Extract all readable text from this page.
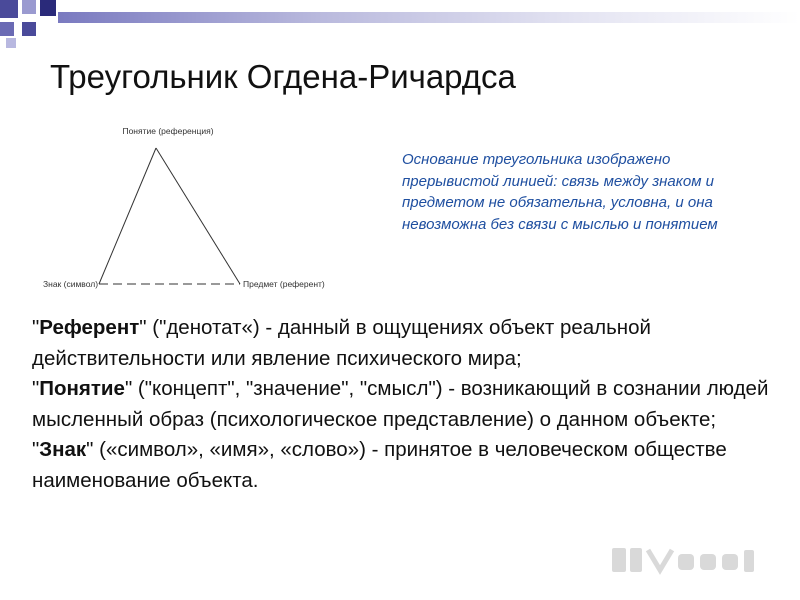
Треугольник Огдена-Ричардса
Понятие (референция)
Знак (символ)	Предмет (референт)
Основание треугольника изображено прерывистой линией: связь между знаком и предметом не обязательна, условна, и она невозможна без связи с мыслью и понятием

"Референт" ("денотат«) - данный в ощущениях объект реальной действительности или явление психического мира;

"Понятие" ("концепт", "значение", "смысл") - возникающий в сознании людей мысленный образ (психологическое представление) о данном объекте;

"Знак" («символ», «имя», «слово») - принятое в человеческом обществе наименование объекта.
